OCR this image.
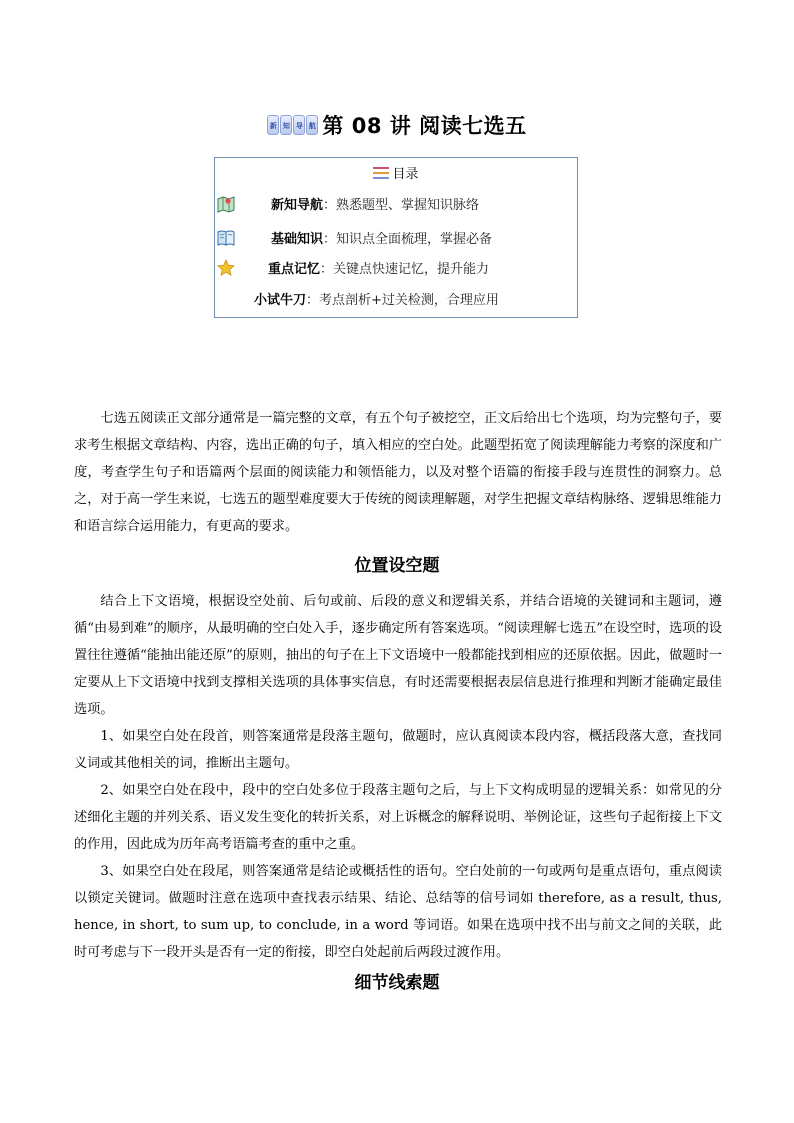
新 知 导 航 第 08 讲 阅读七选五
目录
新知导航 ：熟悉题型、掌握知识脉络
基础知识 ：知识点全面梳理，掌握必备
重点记忆 ：关键点快速记忆，提升能力
小试牛刀 ：考点剖析+过关检测，合理应用

七选五阅读正文部分通常是一篇完整的文章，有五个句子被挖空，正文后给出七个选项，均为完整句子，要求考生根据文章结构、内容，选出正确的句子，填入相应的空白处。此题型拓宽了阅读理解能力考察的深度和广度，考查学生句子和语篇两个层面的阅读能力和领悟能力，以及对整个语篇的衔接手段与连贯性的洞察力。总之，对于高一学生来说，七选五的题型难度要大于传统的阅读理解题，对学生把握文章结构脉络、逻辑思维能力和语言综合运用能力，有更高的要求。

位置设空题

结合上下文语境，根据设空处前、后句或前、后段的意义和逻辑关系，并结合语境的关键词和主题词，遵循“由易到难”的顺序，从最明确的空白处入手，逐步确定所有答案选项。“阅读理解七选五”在设空时，选项的设置往往遵循“能抽出能还原”的原则，抽出的句子在上下文语境中一般都能找到相应的还原依据。因此，做题时一定要从上下文语境中找到支撑相关选项的具体事实信息，有时还需要根据表层信息进行推理和判断才能确定最佳选项。

1、如果空白处在段首，则答案通常是段落主题句，做题时，应认真阅读本段内容，概括段落大意，查找同义词或其他相关的词，推断出主题句。

2、如果空白处在段中，段中的空白处多位于段落主题句之后，与上下文构成明显的逻辑关系：如常见的分述细化主题的并列关系、语义发生变化的转折关系，对上诉概念的解释说明、举例论证，这些句子起衔接上下文的作用，因此成为历年高考语篇考查的重中之重。

3、如果空白处在段尾，则答案通常是结论或概括性的语句。空白处前的一句或两句是重点语句，重点阅读以锁定关键词。做题时注意在选项中查找表示结果、结论、总结等的信号词如 therefore, as a result, thus, hence, in short, to sum up, to conclude, in a word 等词语。如果在选项中找不出与前文之间的关联，此时可考虑与下一段开头是否有一定的衔接，即空白处起前后两段过渡作用。

细节线索题
